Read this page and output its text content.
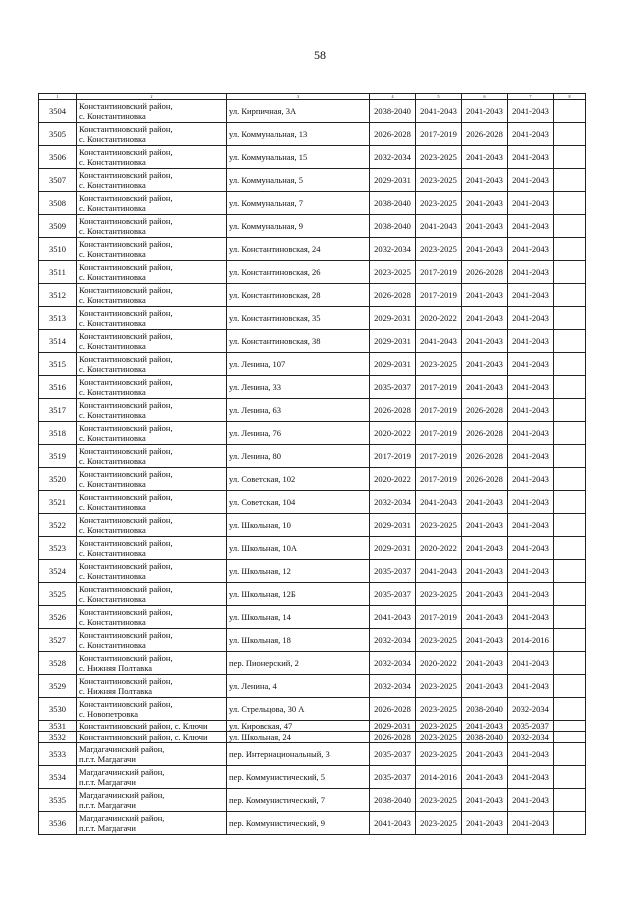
58
1	2	3	4	5	6	7	8
3504	Константиновский район,
с. Константиновка	ул. Кирпичная, 3А	2038-2040	2041-2043	2041-2043	2041-2043	
3505	Константиновский район,
с. Константиновка	ул. Коммунальная, 13	2026-2028	2017-2019	2026-2028	2041-2043	
3506	Константиновский район,
с. Константиновка	ул. Коммунальная, 15	2032-2034	2023-2025	2041-2043	2041-2043	
3507	Константиновский район,
с. Константиновка	ул. Коммунальная, 5	2029-2031	2023-2025	2041-2043	2041-2043	
3508	Константиновский район,
с. Константиновка	ул. Коммунальная, 7	2038-2040	2023-2025	2041-2043	2041-2043	
3509	Константиновский район,
с. Константиновка	ул. Коммунальная, 9	2038-2040	2041-2043	2041-2043	2041-2043	
3510	Константиновский район,
с. Константиновка	ул. Константиновская, 24	2032-2034	2023-2025	2041-2043	2041-2043	
3511	Константиновский район,
с. Константиновка	ул. Константиновская, 26	2023-2025	2017-2019	2026-2028	2041-2043	
3512	Константиновский район,
с. Константиновка	ул. Константиновская, 28	2026-2028	2017-2019	2041-2043	2041-2043	
3513	Константиновский район,
с. Константиновка	ул. Константиновская, 35	2029-2031	2020-2022	2041-2043	2041-2043	
3514	Константиновский район,
с. Константиновка	ул. Константиновская, 38	2029-2031	2041-2043	2041-2043	2041-2043	
3515	Константиновский район,
с. Константиновка	ул. Ленина, 107	2029-2031	2023-2025	2041-2043	2041-2043	
3516	Константиновский район,
с. Константиновка	ул. Ленина, 33	2035-2037	2017-2019	2041-2043	2041-2043	
3517	Константиновский район,
с. Константиновка	ул. Ленина, 63	2026-2028	2017-2019	2026-2028	2041-2043	
3518	Константиновский район,
с. Константиновка	ул. Ленина, 76	2020-2022	2017-2019	2026-2028	2041-2043	
3519	Константиновский район,
с. Константиновка	ул. Ленина, 80	2017-2019	2017-2019	2026-2028	2041-2043	
3520	Константиновский район,
с. Константиновка	ул. Советская, 102	2020-2022	2017-2019	2026-2028	2041-2043	
3521	Константиновский район,
с. Константиновка	ул. Советская, 104	2032-2034	2041-2043	2041-2043	2041-2043	
3522	Константиновский район,
с. Константиновка	ул. Школьная, 10	2029-2031	2023-2025	2041-2043	2041-2043	
3523	Константиновский район,
с. Константиновка	ул. Школьная, 10А	2029-2031	2020-2022	2041-2043	2041-2043	
3524	Константиновский район,
с. Константиновка	ул. Школьная, 12	2035-2037	2041-2043	2041-2043	2041-2043	
3525	Константиновский район,
с. Константиновка	ул. Школьная, 12Б	2035-2037	2023-2025	2041-2043	2041-2043	
3526	Константиновский район,
с. Константиновка	ул. Школьная, 14	2041-2043	2017-2019	2041-2043	2041-2043	
3527	Константиновский район,
с. Константиновка	ул. Школьная, 18	2032-2034	2023-2025	2041-2043	2014-2016	
3528	Константиновский район,
с. Нижняя Полтавка	пер. Пионерский, 2	2032-2034	2020-2022	2041-2043	2041-2043	
3529	Константиновский район,
с. Нижняя Полтавка	ул. Ленина, 4	2032-2034	2023-2025	2041-2043	2041-2043	
3530	Константиновский район,
с. Новопетровка	ул. Стрельцова, 30 А	2026-2028	2023-2025	2038-2040	2032-2034	
3531	Константиновский район, с. Ключи	ул. Кировская, 47	2029-2031	2023-2025	2041-2043	2035-2037	
3532	Константиновский район, с. Ключи	ул. Школьная, 24	2026-2028	2023-2025	2038-2040	2032-2034	
3533	Магдагачинский район,
п.г.т. Магдагачи	пер. Интернациональный, 3	2035-2037	2023-2025	2041-2043	2041-2043	
3534	Магдагачинский район,
п.г.т. Магдагачи	пер. Коммунистический, 5	2035-2037	2014-2016	2041-2043	2041-2043	
3535	Магдагачинский район,
п.г.т. Магдагачи	пер. Коммунистический, 7	2038-2040	2023-2025	2041-2043	2041-2043	
3536	Магдагачинский район,
п.г.т. Магдагачи	пер. Коммунистический, 9	2041-2043	2023-2025	2041-2043	2041-2043	
